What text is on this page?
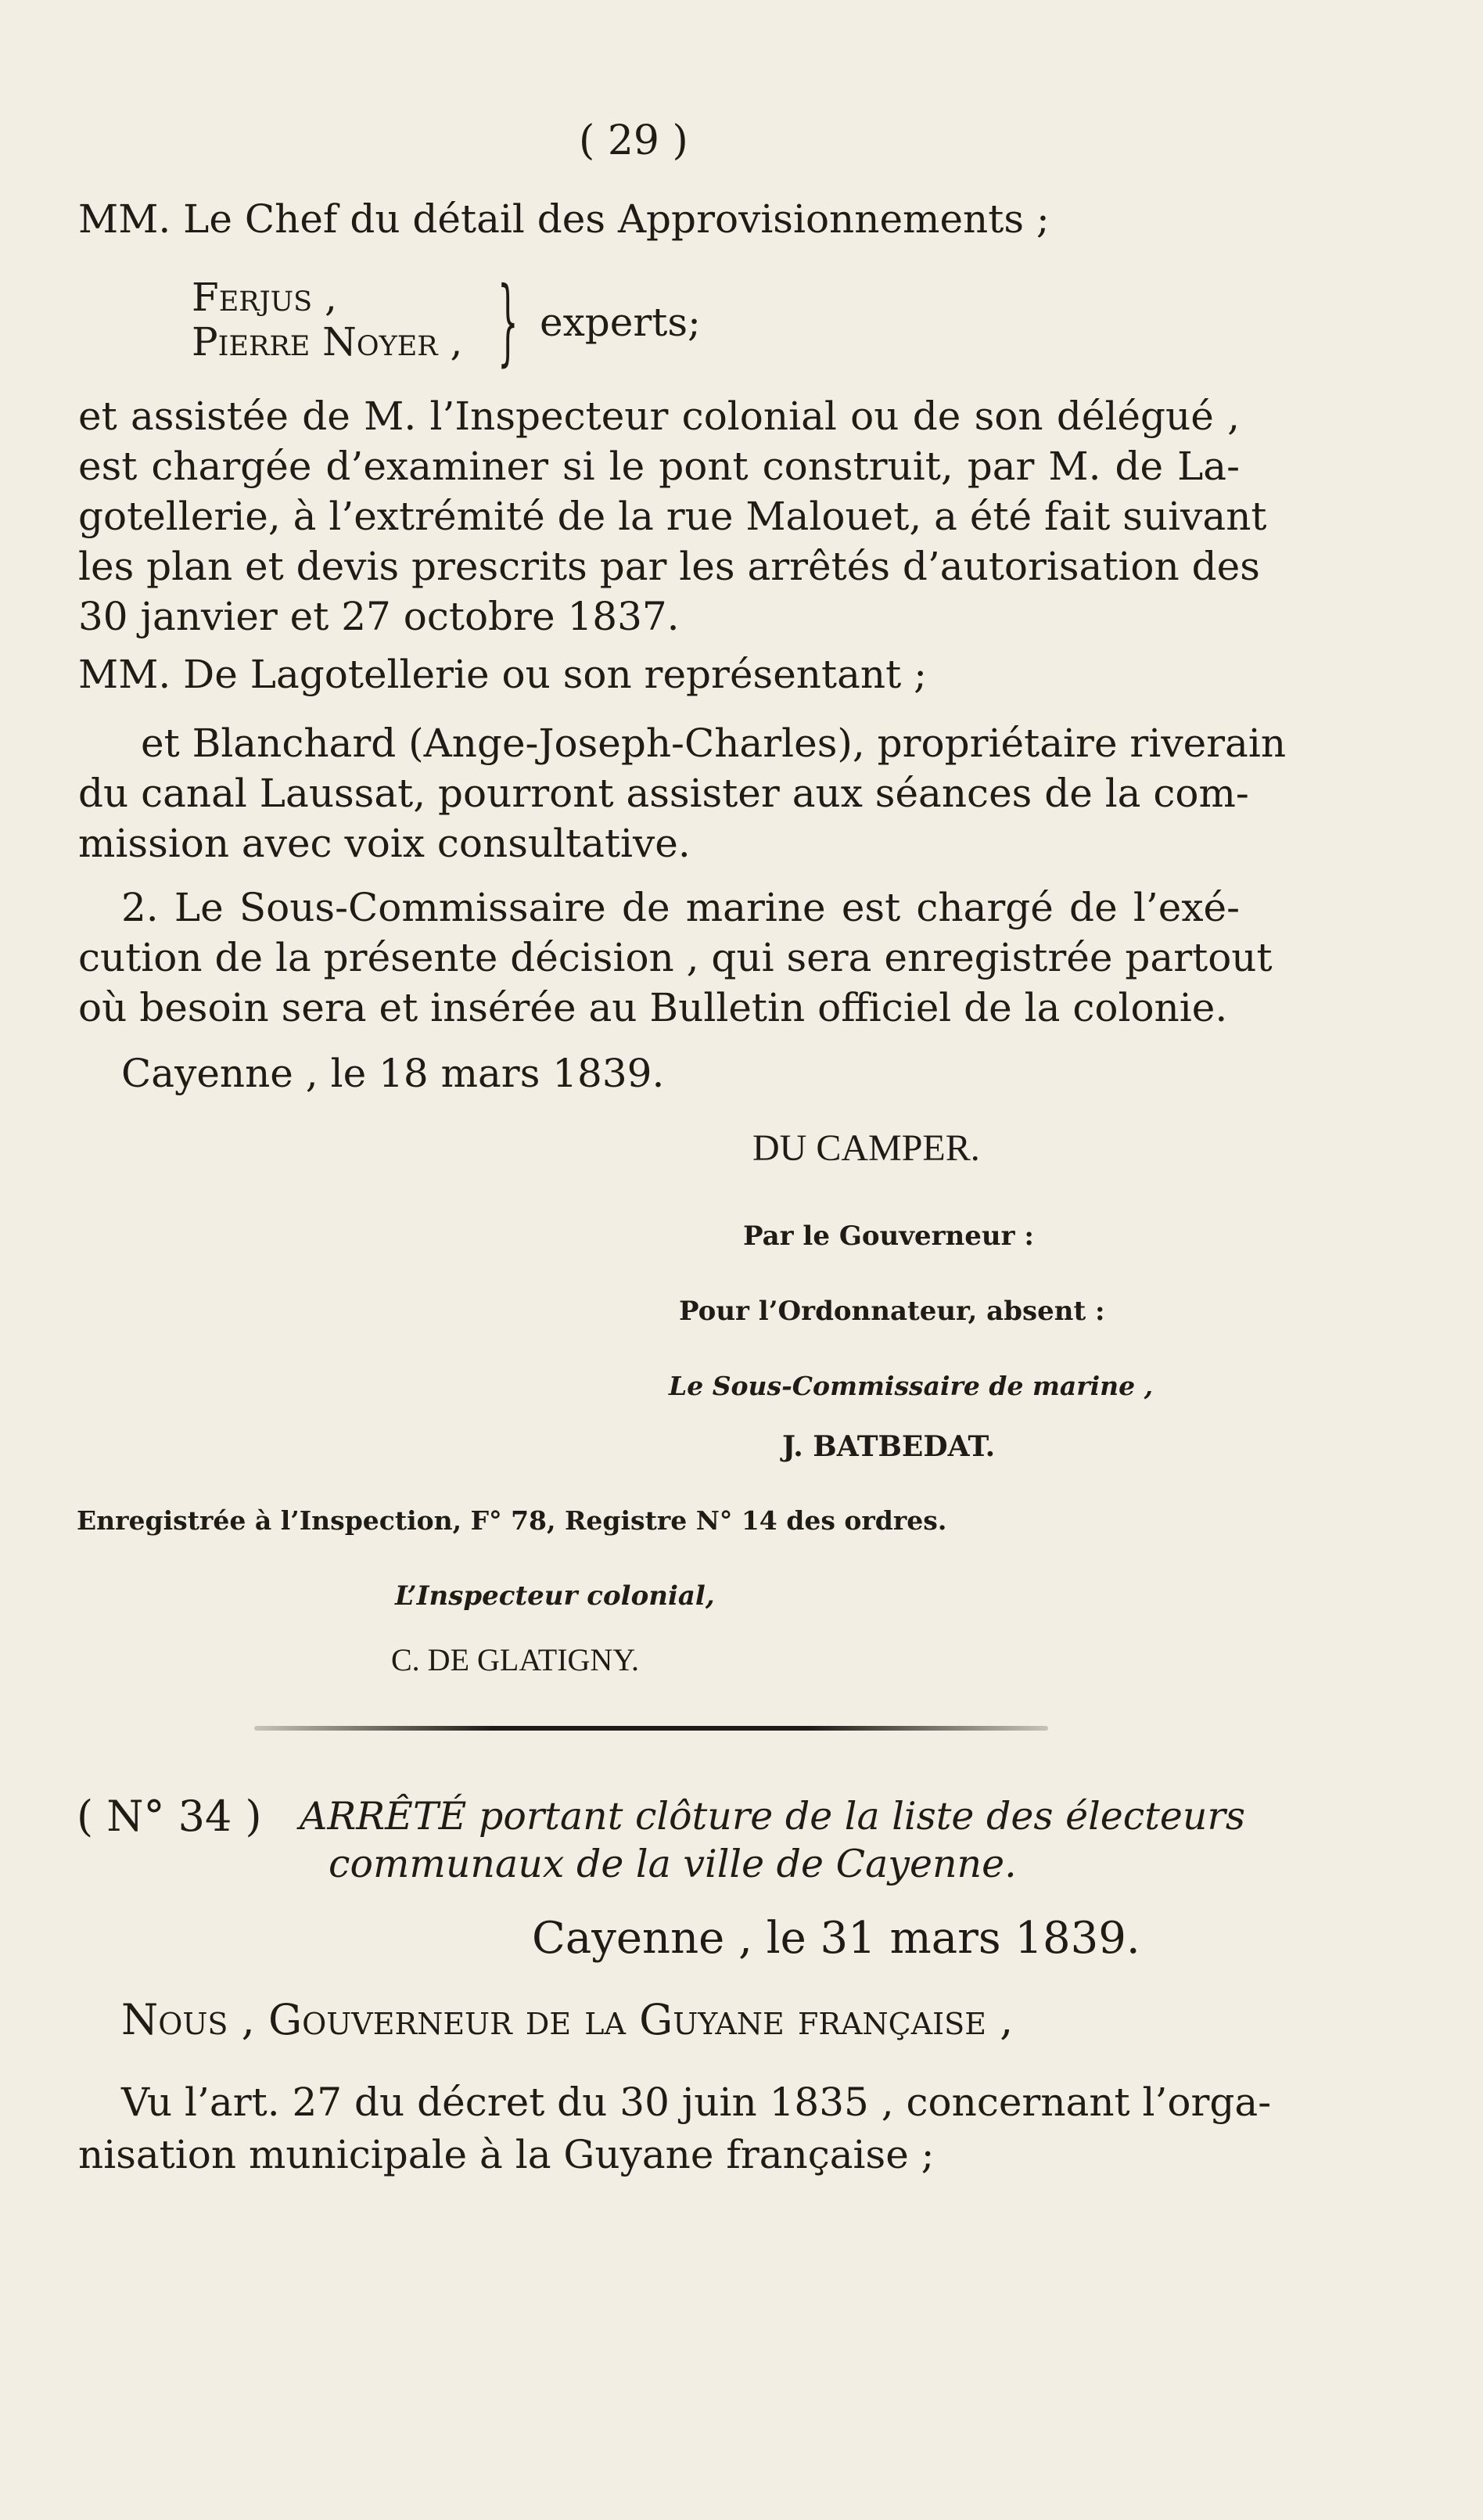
( 29 )
MM. Le Chef du détail des Approvisionnements ;
Ferjus ,
Pierre Noyer , } experts;
et assistée de M. l’Inspecteur colonial ou de son délégué ,
est chargée d’examiner si le pont construit, par M. de La-
gotellerie, à l’extrémité de la rue Malouet, a été fait suivant
les plan et devis prescrits par les arrêtés d’autorisation des
30 janvier et 27 octobre 1837.
MM. De Lagotellerie ou son représentant ;
et Blanchard (Ange-Joseph-Charles), propriétaire riverain
du canal Laussat, pourront assister aux séances de la com-
mission avec voix consultative.
2. Le Sous-Commissaire de marine est chargé de l’exé-
cution de la présente décision , qui sera enregistrée partout
où besoin sera et insérée au Bulletin officiel de la colonie.
Cayenne , le 18 mars 1839.
DU CAMPER.
Par le Gouverneur :
Pour l’Ordonnateur, absent :
Le Sous-Commissaire de marine ,
J. BATBEDAT.
Enregistrée à l’Inspection, F° 78, Registre N° 14 des ordres.
L’Inspecteur colonial,
C. DE GLATIGNY.
( N° 34 ) ARRÊTÉ portant clôture de la liste des électeurs
communaux de la ville de Cayenne.
Cayenne , le 31 mars 1839.
Nous , Gouverneur de la Guyane française ,
Vu l’art. 27 du décret du 30 juin 1835 , concernant l’orga-
nisation municipale à la Guyane française ;
